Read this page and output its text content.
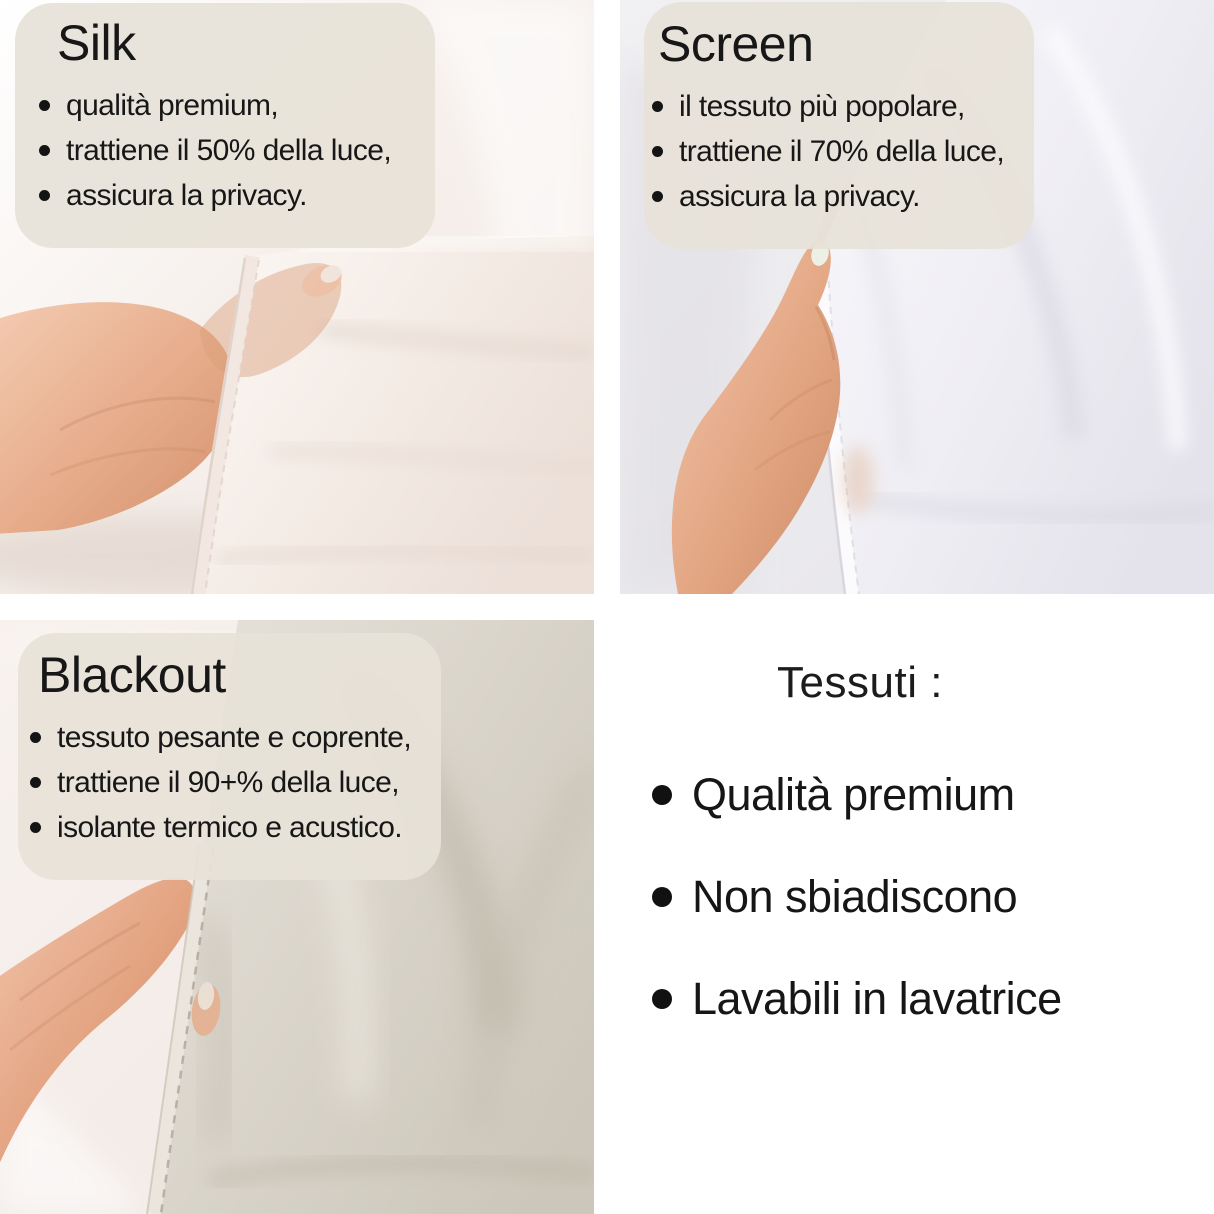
Silk
qualità premium,
trattiene il 50% della luce,
assicura la privacy.
Screen
il tessuto più popolare,
trattiene il 70% della luce,
assicura la privacy.
Blackout
tessuto pesante e coprente,
trattiene il 90+% della luce,
isolante termico e acustico.
Tessuti :
Qualità premium
Non sbiadiscono
Lavabili in lavatrice
